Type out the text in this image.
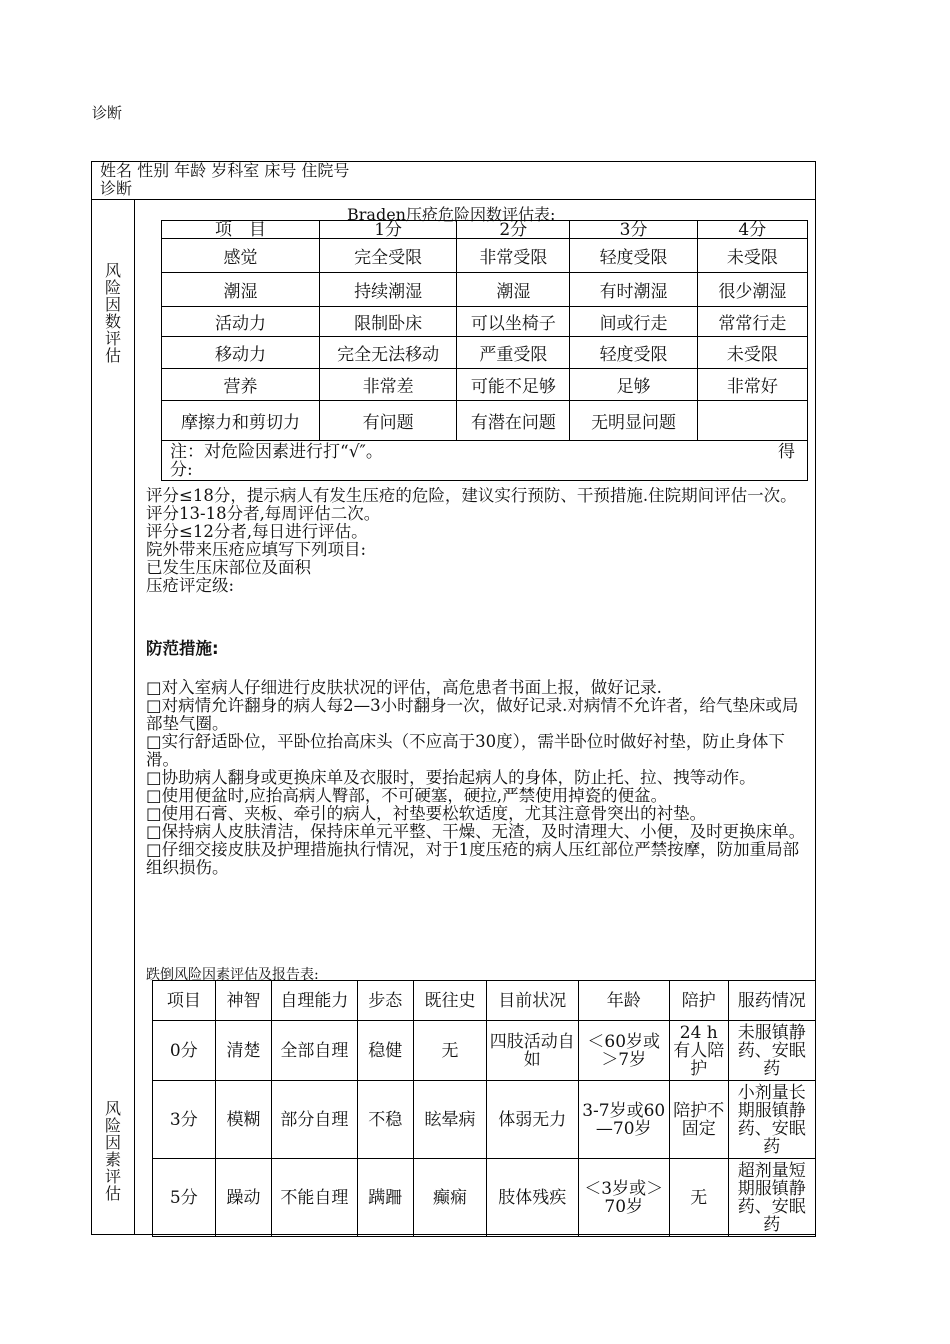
诊断
姓名 性别 年龄 岁科室 床号 住院号
诊断
风
险
因
数
评
估
风
险
因
素
评
估
Braden压疮危险因数评估表:
项　目	1分	2分	3分	4分
感觉	完全受限	非常受限	轻度受限	未受限
潮湿	持续潮湿	潮湿	有时潮湿	很少潮湿
活动力	限制卧床	可以坐椅子	间或行走	常常行走
移动力	完全无法移动	严重受限	轻度受限	未受限
营养	非常差	可能不足够	足够	非常好
摩擦力和剪切力	有问题	有潜在问题	无明显问题	

注：对危险因素进行打“√″。
分:
得				
评分≤18分，提示病人有发生压疮的危险，建议实行预防、干预措施.住院期间评估一次。
评分13-18分者,每周评估二次。
评分≤12分者,每日进行评估。
院外带来压疮应填写下列项目:
已发生压床部位及面积
压疮评定级:
防范措施:
□对入室病人仔细进行皮肤状况的评估，高危患者书面上报，做好记录.
□对病情允许翻身的病人每2—3小时翻身一次，做好记录.对病情不允许者，给气垫床或局部垫气圈。
□实行舒适卧位，平卧位抬高床头（不应高于30度），需半卧位时做好衬垫，防止身体下滑。
□协助病人翻身或更换床单及衣服时，要抬起病人的身体，防止托、拉、拽等动作。
□使用便盆时,应抬高病人臀部，不可硬塞，硬拉,严禁使用掉瓷的便盆。
□使用石膏、夹板、牵引的病人，衬垫要松软适度，尤其注意骨突出的衬垫。
□保持病人皮肤清洁，保持床单元平整、干燥、无渣，及时清理大、小便，及时更换床单。
□仔细交接皮肤及护理措施执行情况，对于1度压疮的病人压红部位严禁按摩，防加重局部组织损伤。
跌倒风险因素评估及报告表:
项目	神智	自理能力	步态	既往史	目前状况	年龄	陪护	服药情况
0分	清楚	全部自理	稳健	无	四肢活动自如	＜60岁或＞7岁	24 h有人陪护	未服镇静药、安眠药
3分	模糊	部分自理	不稳	眩晕病	体弱无力	3-7岁或60—70岁	陪护不固定	小剂量长期服镇静药、安眠药
5分	躁动	不能自理	蹒跚	癫痫	肢体残疾	＜3岁或＞70岁	无	超剂量短期服镇静药、安眠药
